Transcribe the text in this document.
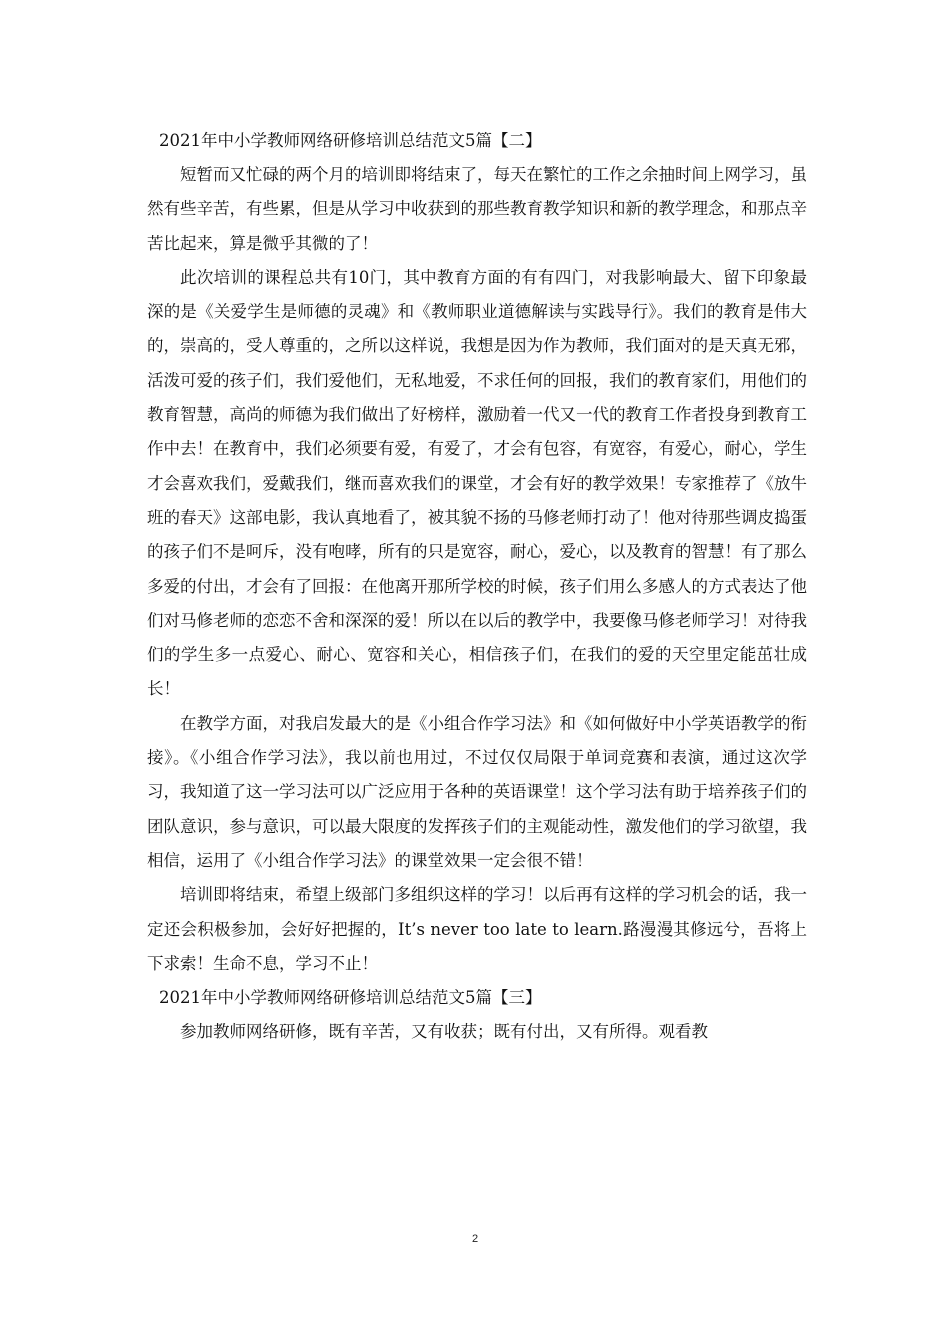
2021年中小学教师网络研修培训总结范文5篇【二】

短暂而又忙碌的两个月的培训即将结束了，每天在繁忙的工作之余抽时间上网学习，虽然有些辛苦，有些累，但是从学习中收获到的那些教育教学知识和新的教学理念，和那点辛苦比起来，算是微乎其微的了！

此次培训的课程总共有10门，其中教育方面的有有四门，对我影响最大、留下印象最深的是《关爱学生是师德的灵魂》和《教师职业道德解读与实践导行》。我们的教育是伟大的，崇高的，受人尊重的，之所以这样说，我想是因为作为教师，我们面对的是天真无邪，活泼可爱的孩子们，我们爱他们，无私地爱，不求任何的回报，我们的教育家们，用他们的教育智慧，高尚的师德为我们做出了好榜样，激励着一代又一代的教育工作者投身到教育工作中去！在教育中，我们必须要有爱，有爱了，才会有包容，有宽容，有爱心，耐心，学生才会喜欢我们，爱戴我们，继而喜欢我们的课堂，才会有好的教学效果！专家推荐了《放牛班的春天》这部电影，我认真地看了，被其貌不扬的马修老师打动了！他对待那些调皮捣蛋的孩子们不是呵斥，没有咆哮，所有的只是宽容，耐心，爱心，以及教育的智慧！有了那么多爱的付出，才会有了回报：在他离开那所学校的时候，孩子们用么多感人的方式表达了他们对马修老师的恋恋不舍和深深的爱！所以在以后的教学中，我要像马修老师学习！对待我们的学生多一点爱心、耐心、宽容和关心，相信孩子们，在我们的爱的天空里定能茁壮成长！

在教学方面，对我启发最大的是《小组合作学习法》和《如何做好中小学英语教学的衔接》。《小组合作学习法》，我以前也用过，不过仅仅局限于单词竞赛和表演，通过这次学习，我知道了这一学习法可以广泛应用于各种的英语课堂！这个学习法有助于培养孩子们的团队意识，参与意识，可以最大限度的发挥孩子们的主观能动性，激发他们的学习欲望，我相信，运用了《小组合作学习法》的课堂效果一定会很不错！

培训即将结束，希望上级部门多组织这样的学习！以后再有这样的学习机会的话，我一定还会积极参加，会好好把握的，It’s never too late to learn.路漫漫其修远兮，吾将上下求索！生命不息，学习不止！

2021年中小学教师网络研修培训总结范文5篇【三】

参加教师网络研修，既有辛苦，又有收获；既有付出，又有所得。观看教

2
